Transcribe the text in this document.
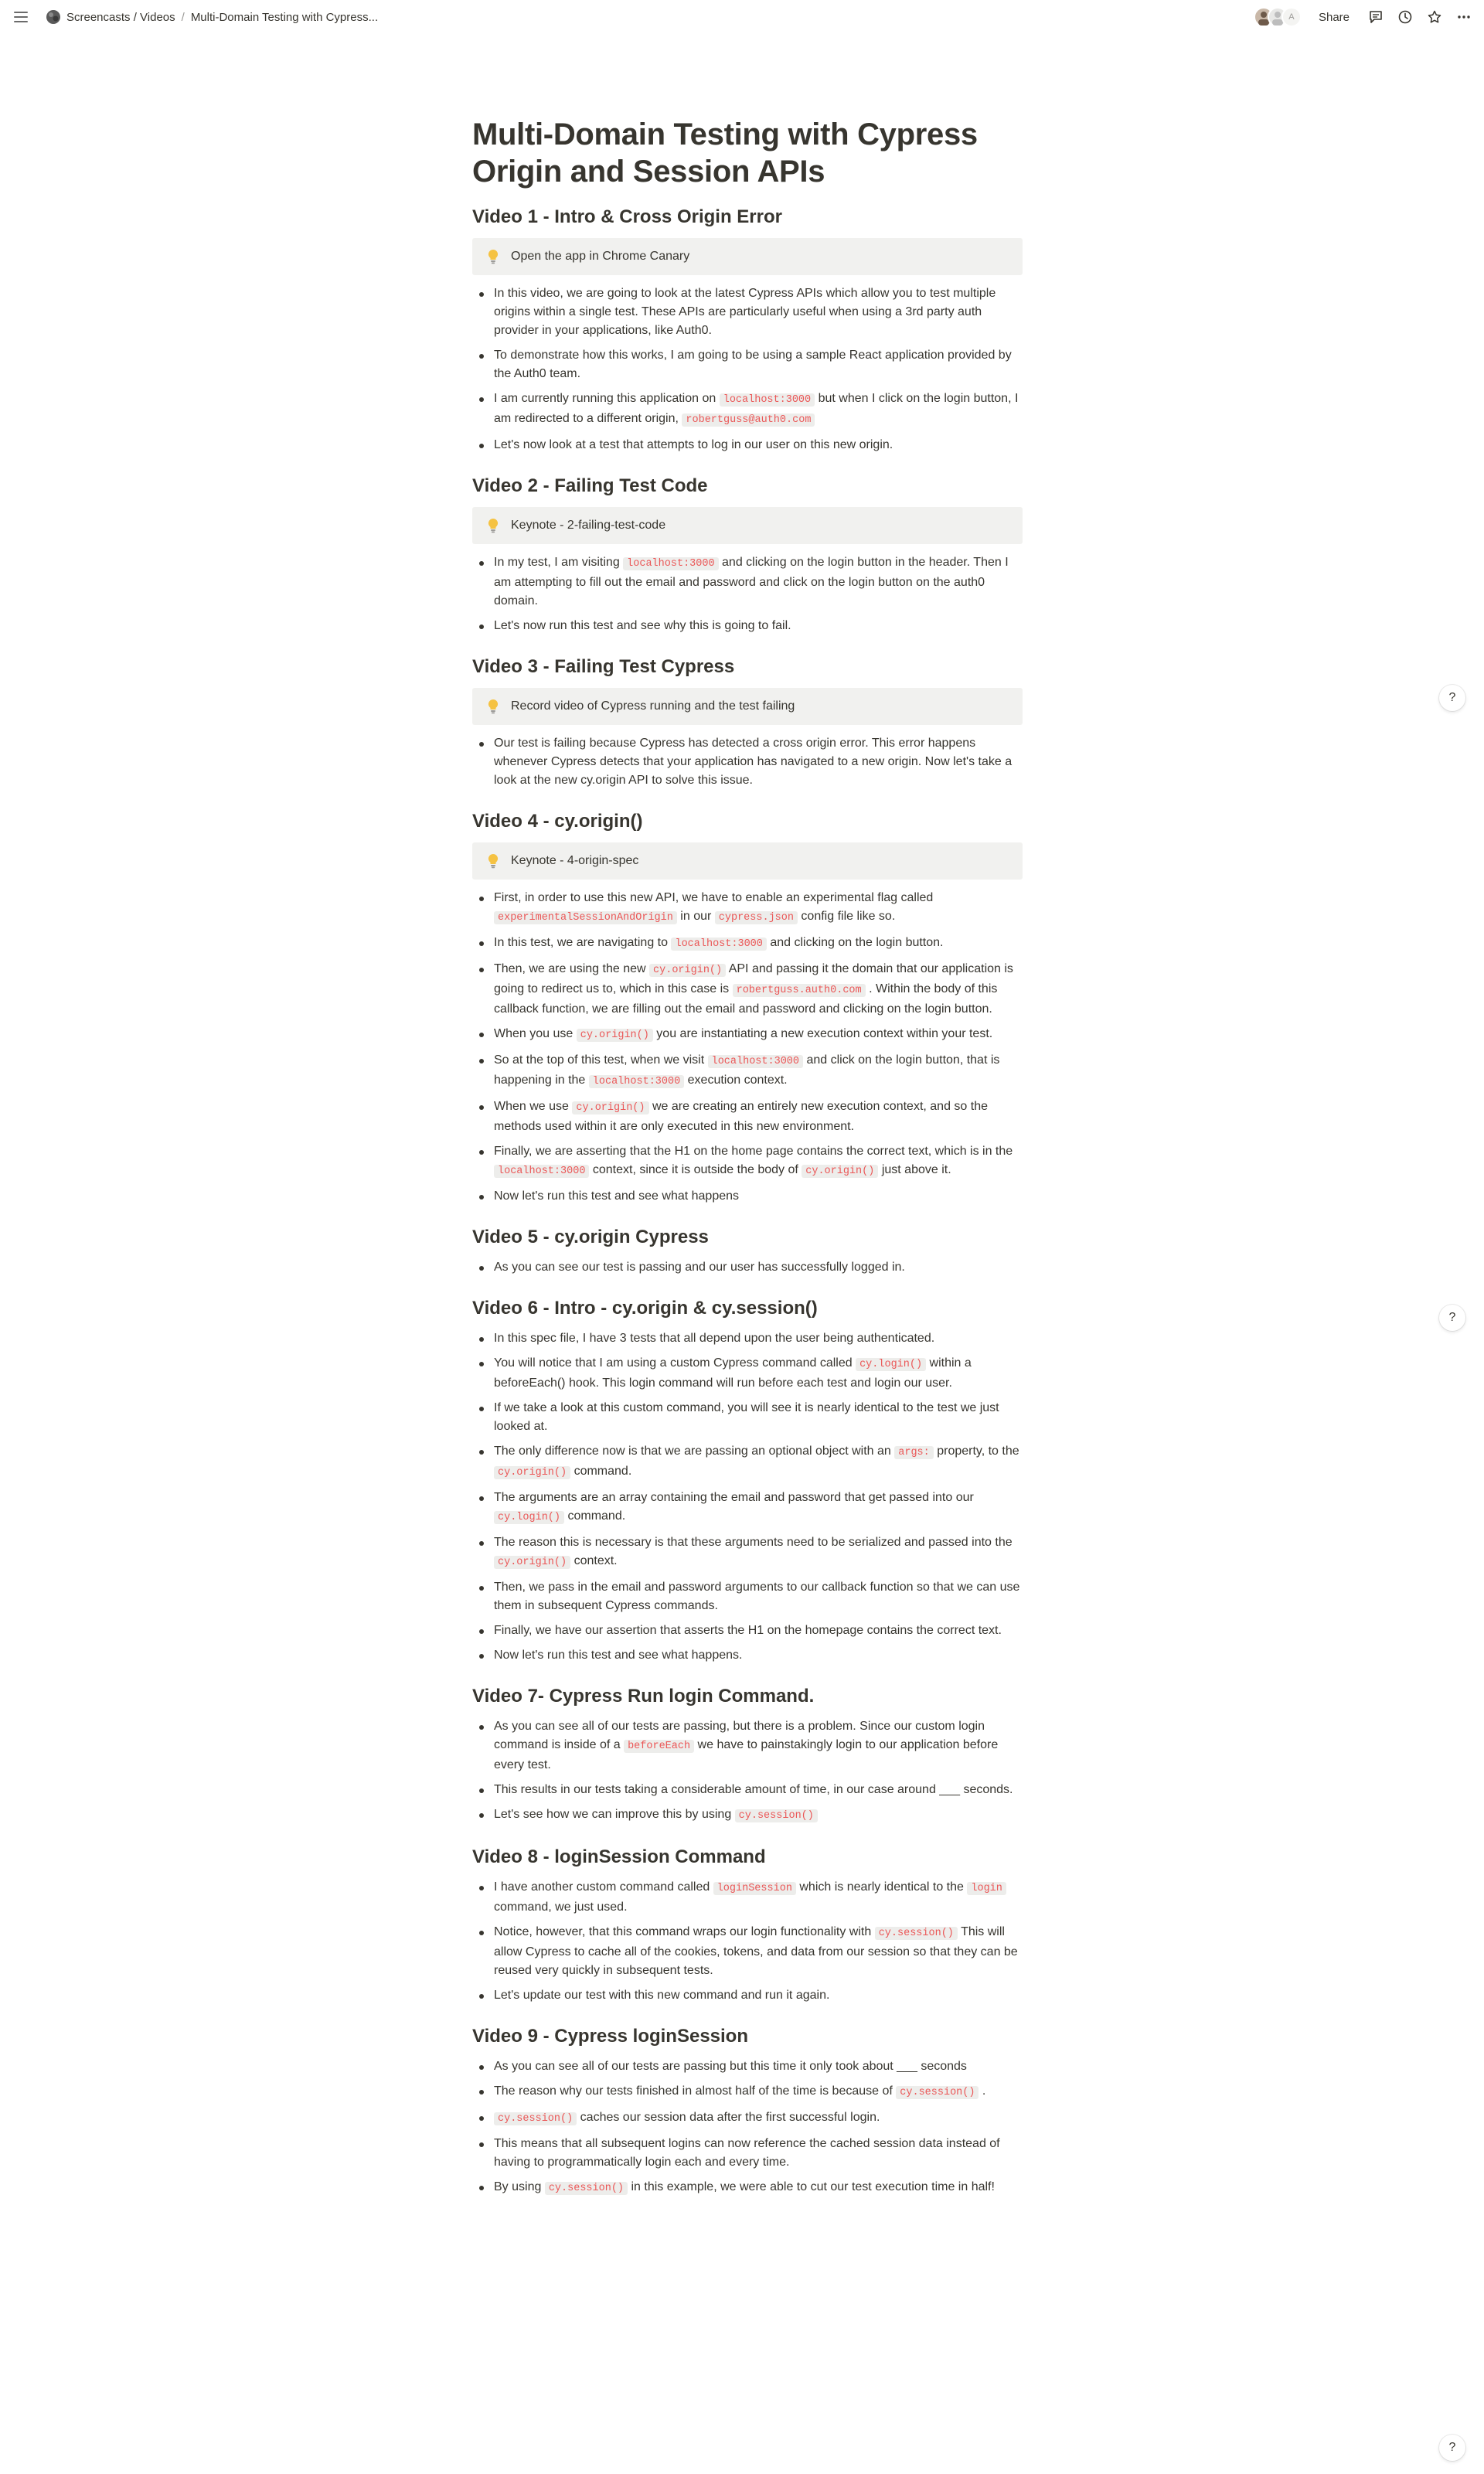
Screencasts / Videos / Multi-Domain Testing with Cypress...	A	Share
Multi-Domain Testing with Cypress Origin and Session APIs
Video 1 - Intro & Cross Origin Error
Open the app in Chrome Canary
In this video, we are going to look at the latest Cypress APIs which allow you to test multiple origins within a single test. These APIs are particularly useful when using a 3rd party auth provider in your applications, like Auth0.
To demonstrate how this works, I am going to be using a sample React application provided by the Auth0 team.
I am currently running this application on localhost:3000 but when I click on the login button, I am redirected to a different origin, robertguss@auth0.com
Let's now look at a test that attempts to log in our user on this new origin.
Video 2 - Failing Test Code
Keynote - 2-failing-test-code
In my test, I am visiting localhost:3000 and clicking on the login button in the header. Then I am attempting to fill out the email and password and click on the login button on the auth0 domain.
Let's now run this test and see why this is going to fail.
Video 3 - Failing Test Cypress
Record video of Cypress running and the test failing
Our test is failing because Cypress has detected a cross origin error. This error happens whenever Cypress detects that your application has navigated to a new origin. Now let's take a look at the new cy.origin API to solve this issue.
Video 4 - cy.origin()
Keynote - 4-origin-spec
First, in order to use this new API, we have to enable an experimental flag called experimentalSessionAndOrigin in our cypress.json config file like so.
In this test, we are navigating to localhost:3000 and clicking on the login button.
Then, we are using the new cy.origin() API and passing it the domain that our application is going to redirect us to, which in this case is robertguss.auth0.com . Within the body of this callback function, we are filling out the email and password and clicking on the login button.
When you use cy.origin() you are instantiating a new execution context within your test.
So at the top of this test, when we visit localhost:3000 and click on the login button, that is happening in the localhost:3000 execution context.
When we use cy.origin() we are creating an entirely new execution context, and so the methods used within it are only executed in this new environment.
Finally, we are asserting that the H1 on the home page contains the correct text, which is in the localhost:3000 context, since it is outside the body of cy.origin() just above it.
Now let's run this test and see what happens
Video 5 - cy.origin Cypress
As you can see our test is passing and our user has successfully logged in.
Video 6 - Intro - cy.origin & cy.session()
In this spec file, I have 3 tests that all depend upon the user being authenticated.
You will notice that I am using a custom Cypress command called cy.login() within a beforeEach() hook. This login command will run before each test and login our user.
If we take a look at this custom command, you will see it is nearly identical to the test we just looked at.
The only difference now is that we are passing an optional object with an args: property, to the cy.origin() command.
The arguments are an array containing the email and password that get passed into our cy.login() command.
The reason this is necessary is that these arguments need to be serialized and passed into the cy.origin() context.
Then, we pass in the email and password arguments to our callback function so that we can use them in subsequent Cypress commands.
Finally, we have our assertion that asserts the H1 on the homepage contains the correct text.
Now let's run this test and see what happens.
Video 7- Cypress Run login Command.
As you can see all of our tests are passing, but there is a problem. Since our custom login command is inside of a beforeEach we have to painstakingly login to our application before every test.
This results in our tests taking a considerable amount of time, in our case around ___ seconds.
Let's see how we can improve this by using cy.session()
Video 8 - loginSession Command
I have another custom command called loginSession which is nearly identical to the login command, we just used.
Notice, however, that this command wraps our login functionality with cy.session() This will allow Cypress to cache all of the cookies, tokens, and data from our session so that they can be reused very quickly in subsequent tests.
Let's update our test with this new command and run it again.
Video 9 - Cypress loginSession
As you can see all of our tests are passing but this time it only took about ___ seconds
The reason why our tests finished in almost half of the time is because of cy.session() .
cy.session() caches our session data after the first successful login.
This means that all subsequent logins can now reference the cached session data instead of having to programmatically login each and every time.
By using cy.session() in this example, we were able to cut our test execution time in half!
?
?
?
